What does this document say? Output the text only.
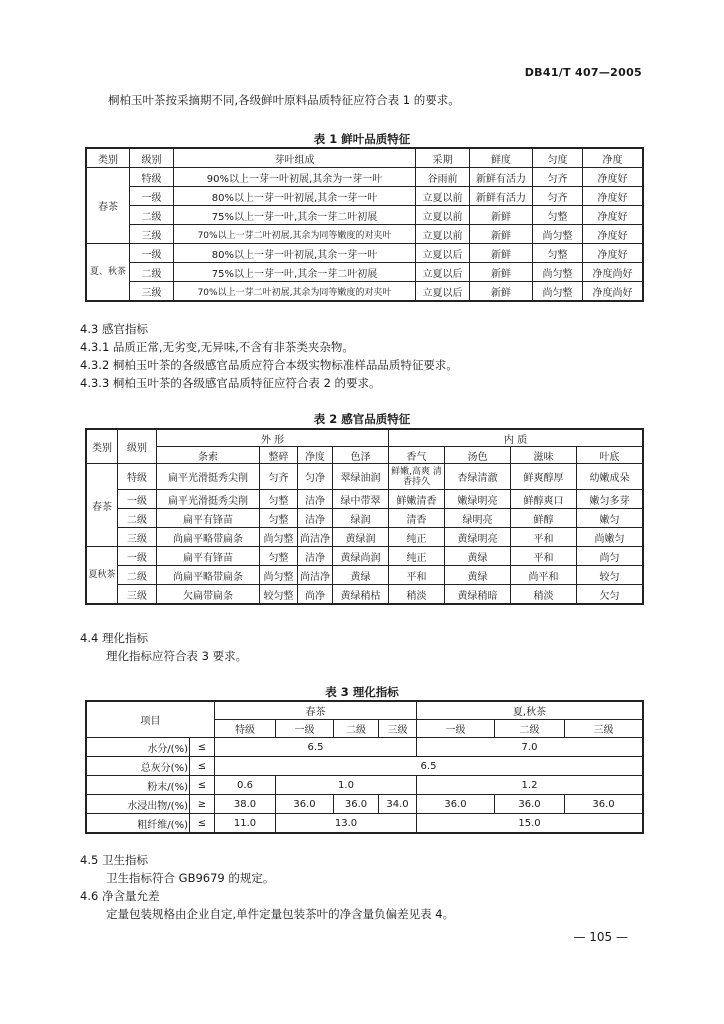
DB41/T 407—2005
桐柏玉叶茶按采摘期不同,各级鲜叶原料品质特征应符合表 1 的要求。
表 1 鲜叶品质特征
类别	级别	芽叶组成	采期	鲜度	匀度	净度
春茶	特级	90%以上一芽一叶初展,其余为一芽一叶	谷雨前	新鲜有活力	匀齐	净度好
	一级	80%以上一芽一叶初展,其余一芽一叶	立夏以前	新鲜有活力	匀齐	净度好
	二级	75%以上一芽一叶,其余一芽二叶初展	立夏以前	新鲜	匀整	净度好
	三级	70%以上一芽二叶初展,其余为同等嫩度的对夹叶	立夏以前	新鲜	尚匀整	净度好
夏、秋茶	一级	80%以上一芽一叶初展,其余一芽一叶	立夏以后	新鲜	匀整	净度好
	二级	75%以上一芽一叶,其余一芽二叶初展	立夏以后	新鲜	尚匀整	净度尚好
	三级	70%以上一芽二叶初展,其余为同等嫩度的对夹叶	立夏以后	新鲜	尚匀整	净度尚好
4.3 感官指标
4.3.1 品质正常,无劣变,无异味,不含有非茶类夹杂物。
4.3.2 桐柏玉叶茶的各级感官品质应符合本级实物标准样品品质特征要求。
4.3.3 桐柏玉叶茶的各级感官品质特征应符合表 2 的要求。
表 2 感官品质特征
类别	级别	外 形				内 质			
		条索	整碎	净度	色泽	香气	汤色	滋味	叶底
春茶	特级	扁平光滑挺秀尖削	匀齐	匀净	翠绿油润	鲜嫩,高爽 清香持久	杏绿清澈	鲜爽醇厚	幼嫩成朵
	一级	扁平光滑挺秀尖削	匀整	洁净	绿中带翠	鲜嫩清香	嫩绿明亮	鲜醇爽口	嫩匀多芽
	二级	扁平有锋苗	匀整	洁净	绿润	清香	绿明亮	鲜醇	嫩匀
	三级	尚扁平略带扁条	尚匀整	尚洁净	黄绿润	纯正	黄绿明亮	平和	尚嫩匀
夏秋茶	一级	扁平有锋苗	匀整	洁净	黄绿尚润	纯正	黄绿	平和	尚匀
	二级	尚扁平略带扁条	尚匀整	尚洁净	黄绿	平和	黄绿	尚平和	较匀
	三级	欠扁带扁条	较匀整	尚净	黄绿稍枯	稍淡	黄绿稍暗	稍淡	欠匀
4.4 理化指标
理化指标应符合表 3 要求。
表 3 理化指标
项目		春茶				夏,秋茶		
		特级	一级	二级	三级	一级	二级	三级
水分/(%)	≤	6.5				7.0		
总灰分(%)	≤	6.5						
粉末/(%)	≤	0.6	1.0			1.2		
水浸出物/(%)	≥	38.0	36.0	36.0	34.0	36.0	36.0	36.0
粗纤维/(%)	≤	11.0	13.0			15.0		
4.5 卫生指标
卫生指标符合 GB9679 的规定。
4.6 净含量允差
定量包装规格由企业自定,单件定量包装茶叶的净含量负偏差见表 4。
— 105 —
